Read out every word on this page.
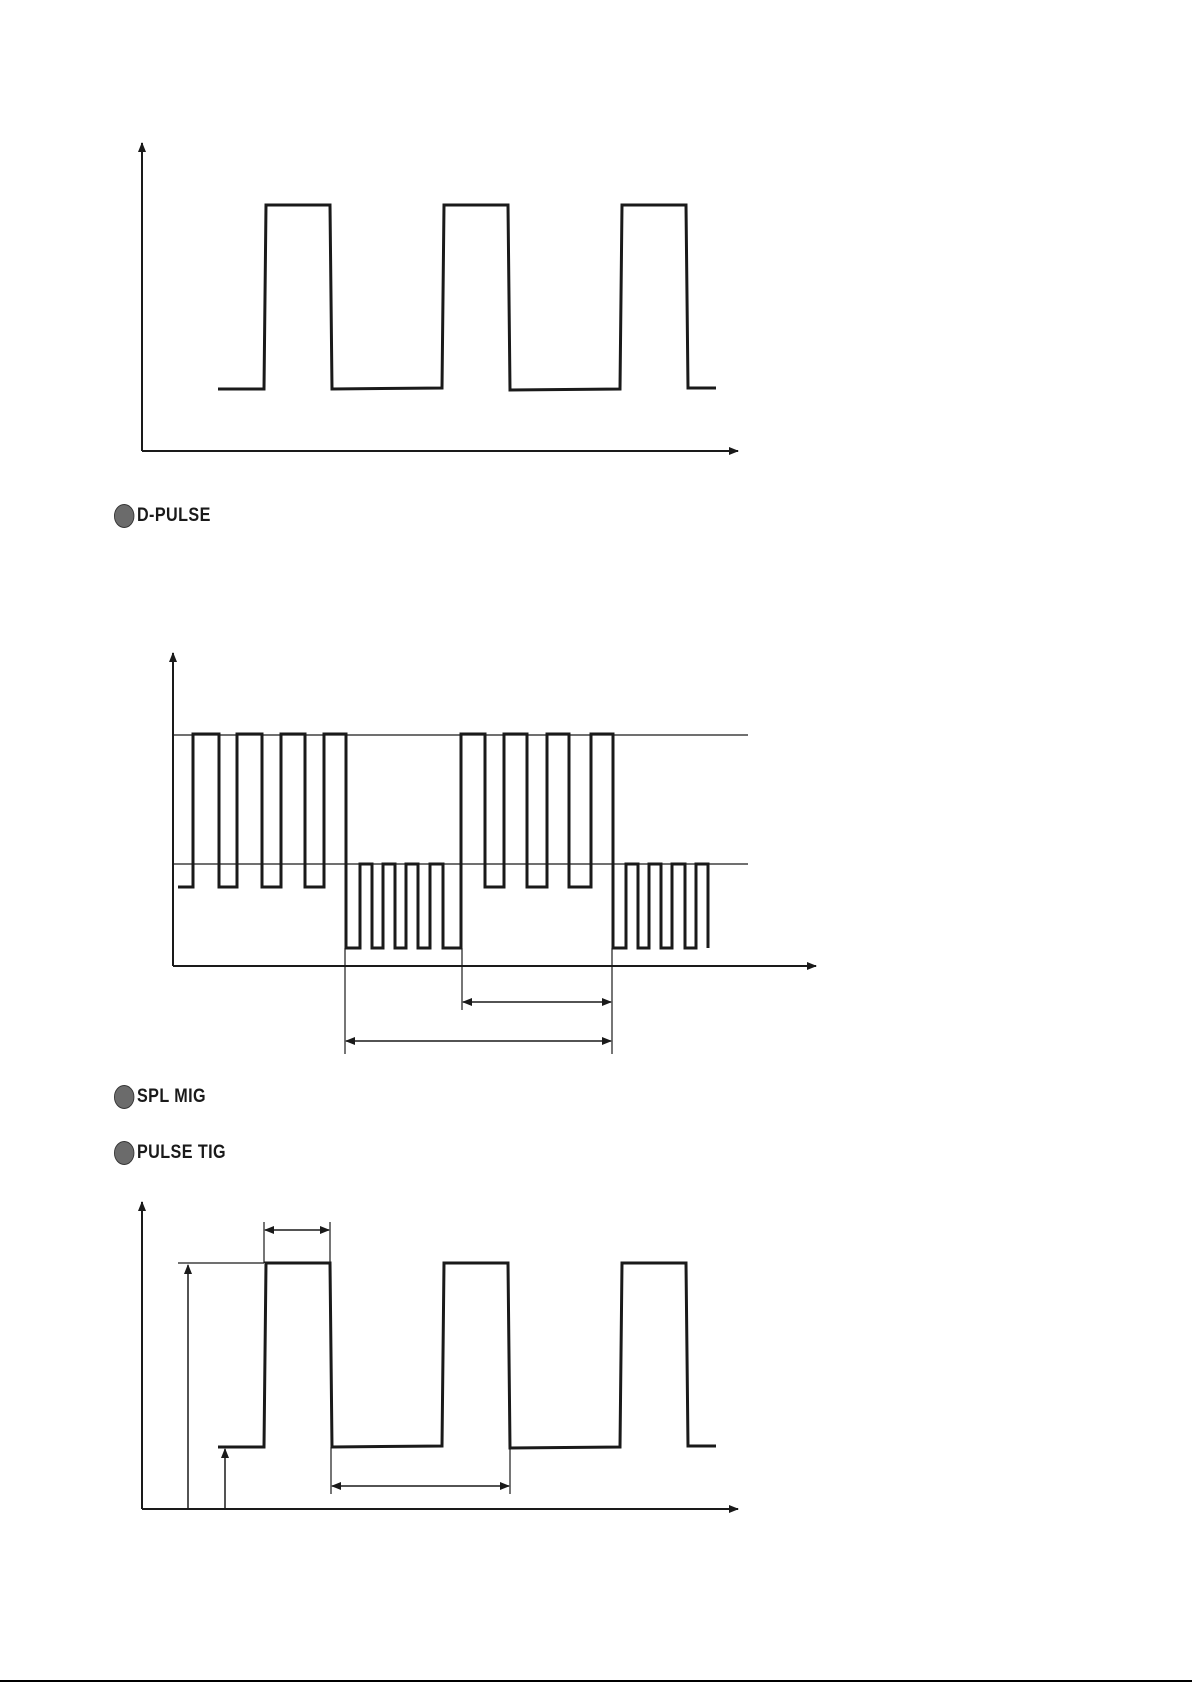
D-PULSE
SPL MIG
PULSE TIG
